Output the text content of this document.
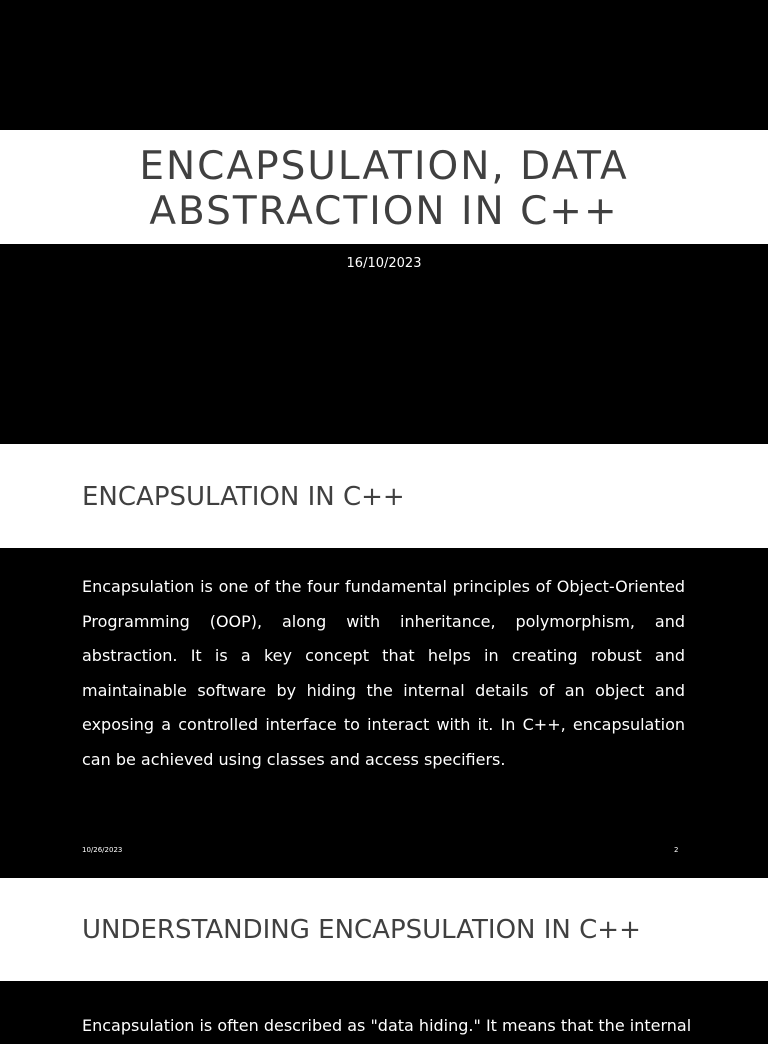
ENCAPSULATION, DATA
ABSTRACTION IN C++
16/10/2023
ENCAPSULATION IN C++

Encapsulation is one of the four fundamental principles of Object-Oriented Programming (OOP), along with inheritance, polymorphism, and abstraction. It is a key concept that helps in creating robust and maintainable software by hiding the internal details of an object and exposing a controlled interface to interact with it. In C++, encapsulation can be achieved using classes and access specifiers.

10/26/2023	2
UNDERSTANDING ENCAPSULATION IN C++

Encapsulation is often described as "data hiding." It means that the internal
